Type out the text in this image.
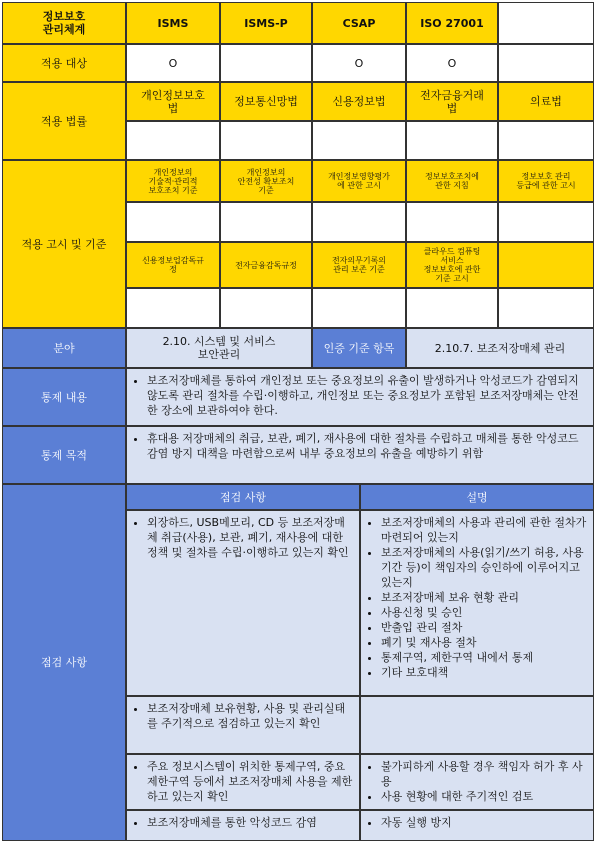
정보보호
관리체계	ISMS	ISMS-P	CSAP	ISO 27001
적용 대상	O	O	O
적용 법률
개인정보보호
법	정보통신망법	신용정보법	전자금융거래
법	의료법
적용 고시 및 기준
개인정보의
기술적·관리적
보호조치 기준
개인정보의
안전성 확보조치
기준
개인정보영향평가
에 관한 고시
정보보호조치에
관한 지침
정보보호 관리
등급에 관한 고시
신용정보업감독규
정	전자금융감독규정	전자의무기록의
관리 보존 기준
클라우드 컴퓨팅
서비스
정보보호에 관한
기준 고시
분야	2.10. 시스템 및 서비스
보안관리	인증 기준 항목	2.10.7. 보조저장매체 관리
통제 내용
• 보조저장매체를 통하여 개인정보 또는 중요정보의 유출이 발생하거나 악성코드가 감염되지 않도록 관리 절차를 수립·이행하고, 개인정보 또는 중요정보가 포함된 보조저장매체는 안전한 장소에 보관하여야 한다.
통제 목적
• 휴대용 저장매체의 취급, 보관, 폐기, 재사용에 대한 절차를 수립하고 매체를 통한 악성코드 감염 방지 대책을 마련함으로써 내부 중요정보의 유출을 예방하기 위함
점검 사항
점검 사항	설명
• 외장하드, USB메모리, CD 등 보조저장매체 취급(사용), 보관, 폐기, 재사용에 대한 정책 및 절차를 수립·이행하고 있는지 확인
• 보조저장매체의 사용과 관리에 관한 절차가 마련되어 있는지
• 보조저장매체의 사용(읽기/쓰기 허용, 사용기간 등)이 책임자의 승인하에 이루어지고 있는지
• 보조저장매체 보유 현황 관리
• 사용신청 및 승인
• 반출입 관리 절차
• 폐기 및 재사용 절차
• 통제구역, 제한구역 내에서 통제
• 기타 보호대책
• 보조저장매체 보유현황, 사용 및 관리실태를 주기적으로 점검하고 있는지 확인
• 주요 정보시스템이 위치한 통제구역, 중요 제한구역 등에서 보조저장매체 사용을 제한하고 있는지 확인
• 불가피하게 사용할 경우 책임자 허가 후 사용
• 사용 현황에 대한 주기적인 검토
• 보조저장매체를 통한 악성코드 감염
•	자동 실행 방지
